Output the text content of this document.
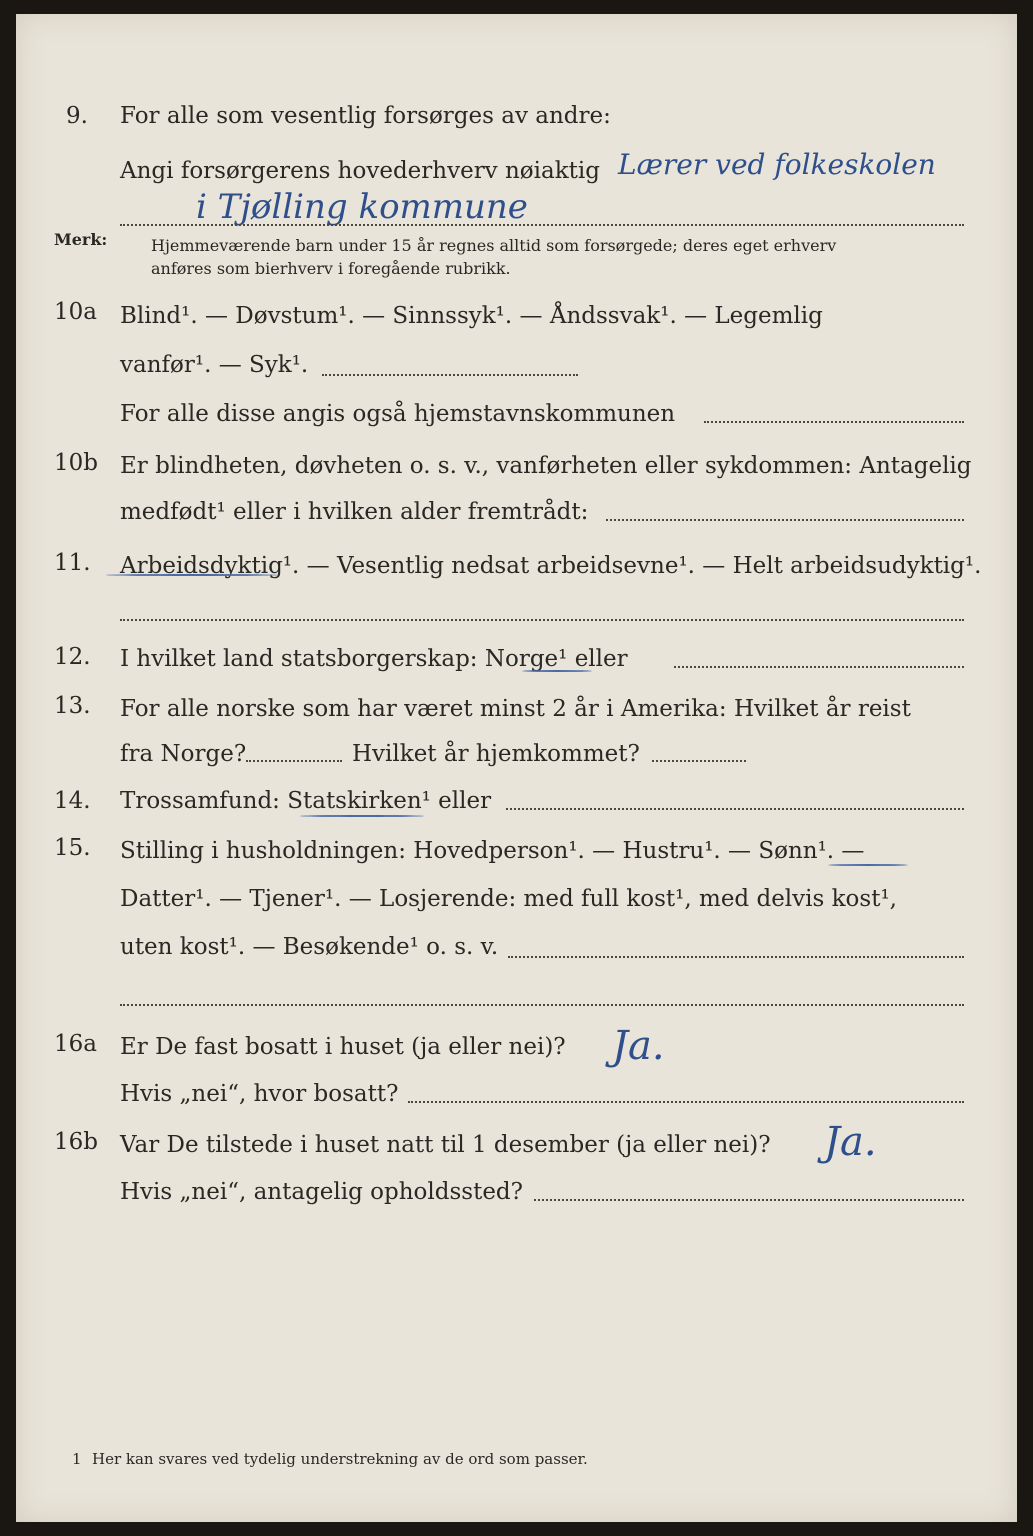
9. For alle som vesentlig forsørges av andre:
Angi forsørgerens hovederhverv nøiaktig Lærer ved folkeskolen
i Tjølling kommune
Merk:	Hjemmeværende barn under 15 år regnes alltid som forsørgede; deres eget erhverv
anføres som bierhverv i foregående rubrikk.
10a Blind¹. — Døvstum¹. — Sinnssyk¹. — Åndssvak¹. — Legemlig
vanfør¹. — Syk¹.
For alle disse angis også hjemstavnskommunen
10b Er blindheten, døvheten o. s. v., vanførheten eller sykdommen: Antagelig
medfødt¹ eller i hvilken alder fremtrådt:
11. Arbeidsdyktig¹. — Vesentlig nedsat arbeidsevne¹. — Helt arbeidsudyktig¹.
12. I hvilket land statsborgerskap: Norge¹ eller
13. For alle norske som har været minst 2 år i Amerika: Hvilket år reist
fra Norge?	Hvilket år hjemkommet?
14. Trossamfund: Statskirken¹ eller
15. Stilling i husholdningen: Hovedperson¹. — Hustru¹. — Sønn¹. —
Datter¹. — Tjener¹. — Losjerende: med full kost¹, med delvis kost¹,
uten kost¹. — Besøkende¹ o. s. v.
16a Er De fast bosatt i huset (ja eller nei)? Ja.
Hvis „nei“, hvor bosatt?
16b Var De tilstede i huset natt til 1 desember (ja eller nei)? Ja.
Hvis „nei“, antagelig opholdssted?
1 Her kan svares ved tydelig understrekning av de ord som passer.
